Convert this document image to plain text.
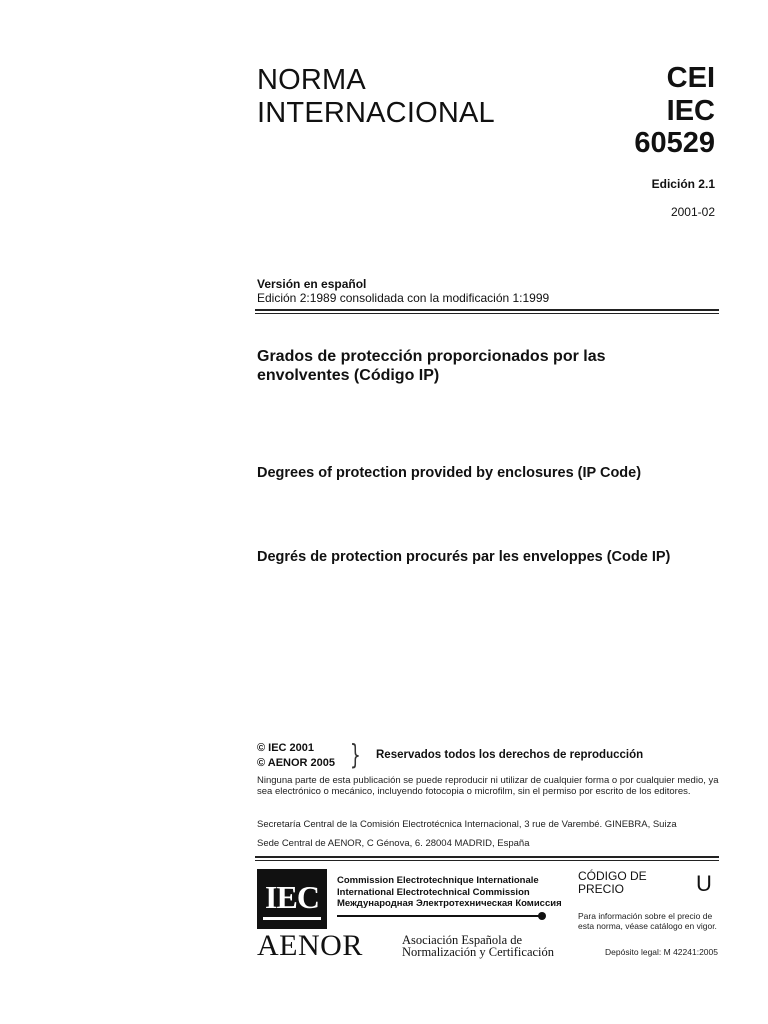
NORMA
INTERNACIONAL
CEI
IEC
60529
Edición 2.1
2001-02
Versión en español
Edición 2:1989 consolidada con la modificación 1:1999
Grados de protección proporcionados por las
envolventes (Código IP)
Degrees of protection provided by enclosures (IP Code)
Degrés de protection procurés par les enveloppes (Code IP)
© IEC 2001
© AENOR 2005 } Reservados todos los derechos de reproducción
Ninguna parte de esta publicación se puede reproducir ni utilizar de cualquier forma o por cualquier medio, ya sea electrónico o mecánico, incluyendo fotocopia o microfilm, sin el permiso por escrito de los editores.
Secretaría Central de la Comisión Electrotécnica Internacional, 3 rue de Varembé. GINEBRA, Suiza
Sede Central de AENOR, C Génova, 6. 28004 MADRID, España
IEC	Commission Electrotechnique Internationale
International Electrotechnical Commission
Международная Электротехническая Комиссия
AENOR	Asociación Española de
Normalización y Certificación
CÓDIGO DE
PRECIO	U
Para información sobre el precio de esta norma, véase catálogo en vigor.
Depósito legal: M 42241:2005
